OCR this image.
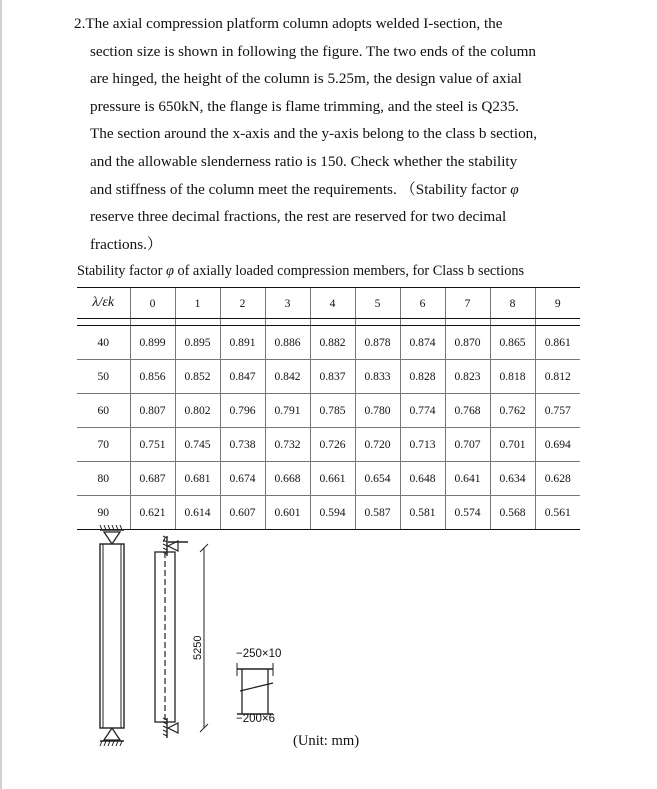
2.The axial compression platform column adopts welded I-section, the

section size is shown in following the figure. The two ends of the column
are hinged, the height of the column is 5.25m, the design value of axial
pressure is 650kN, the flange is flame trimming, and the steel is Q235.
The section around the x-axis and the y-axis belong to the class b section,
and the allowable slenderness ratio is 150. Check whether the stability
and stiffness of the column meet the requirements. （Stability factor φ
reserve three decimal fractions, the rest are reserved for two decimal
fractions.）
Stability factor φ of axially loaded compression members, for Class b sections
λ/εk	0	1	2	3	4	5	6	7	8	9

40	0.899	0.895	0.891	0.886	0.882	0.878	0.874	0.870	0.865	0.861
50	0.856	0.852	0.847	0.842	0.837	0.833	0.828	0.823	0.818	0.812
60	0.807	0.802	0.796	0.791	0.785	0.780	0.774	0.768	0.762	0.757
70	0.751	0.745	0.738	0.732	0.726	0.720	0.713	0.707	0.701	0.694
80	0.687	0.681	0.674	0.668	0.661	0.654	0.648	0.641	0.634	0.628
90	0.621	0.614	0.607	0.601	0.594	0.587	0.581	0.574	0.568	0.561
5250	−250×10
−200×6
(Unit: mm)
